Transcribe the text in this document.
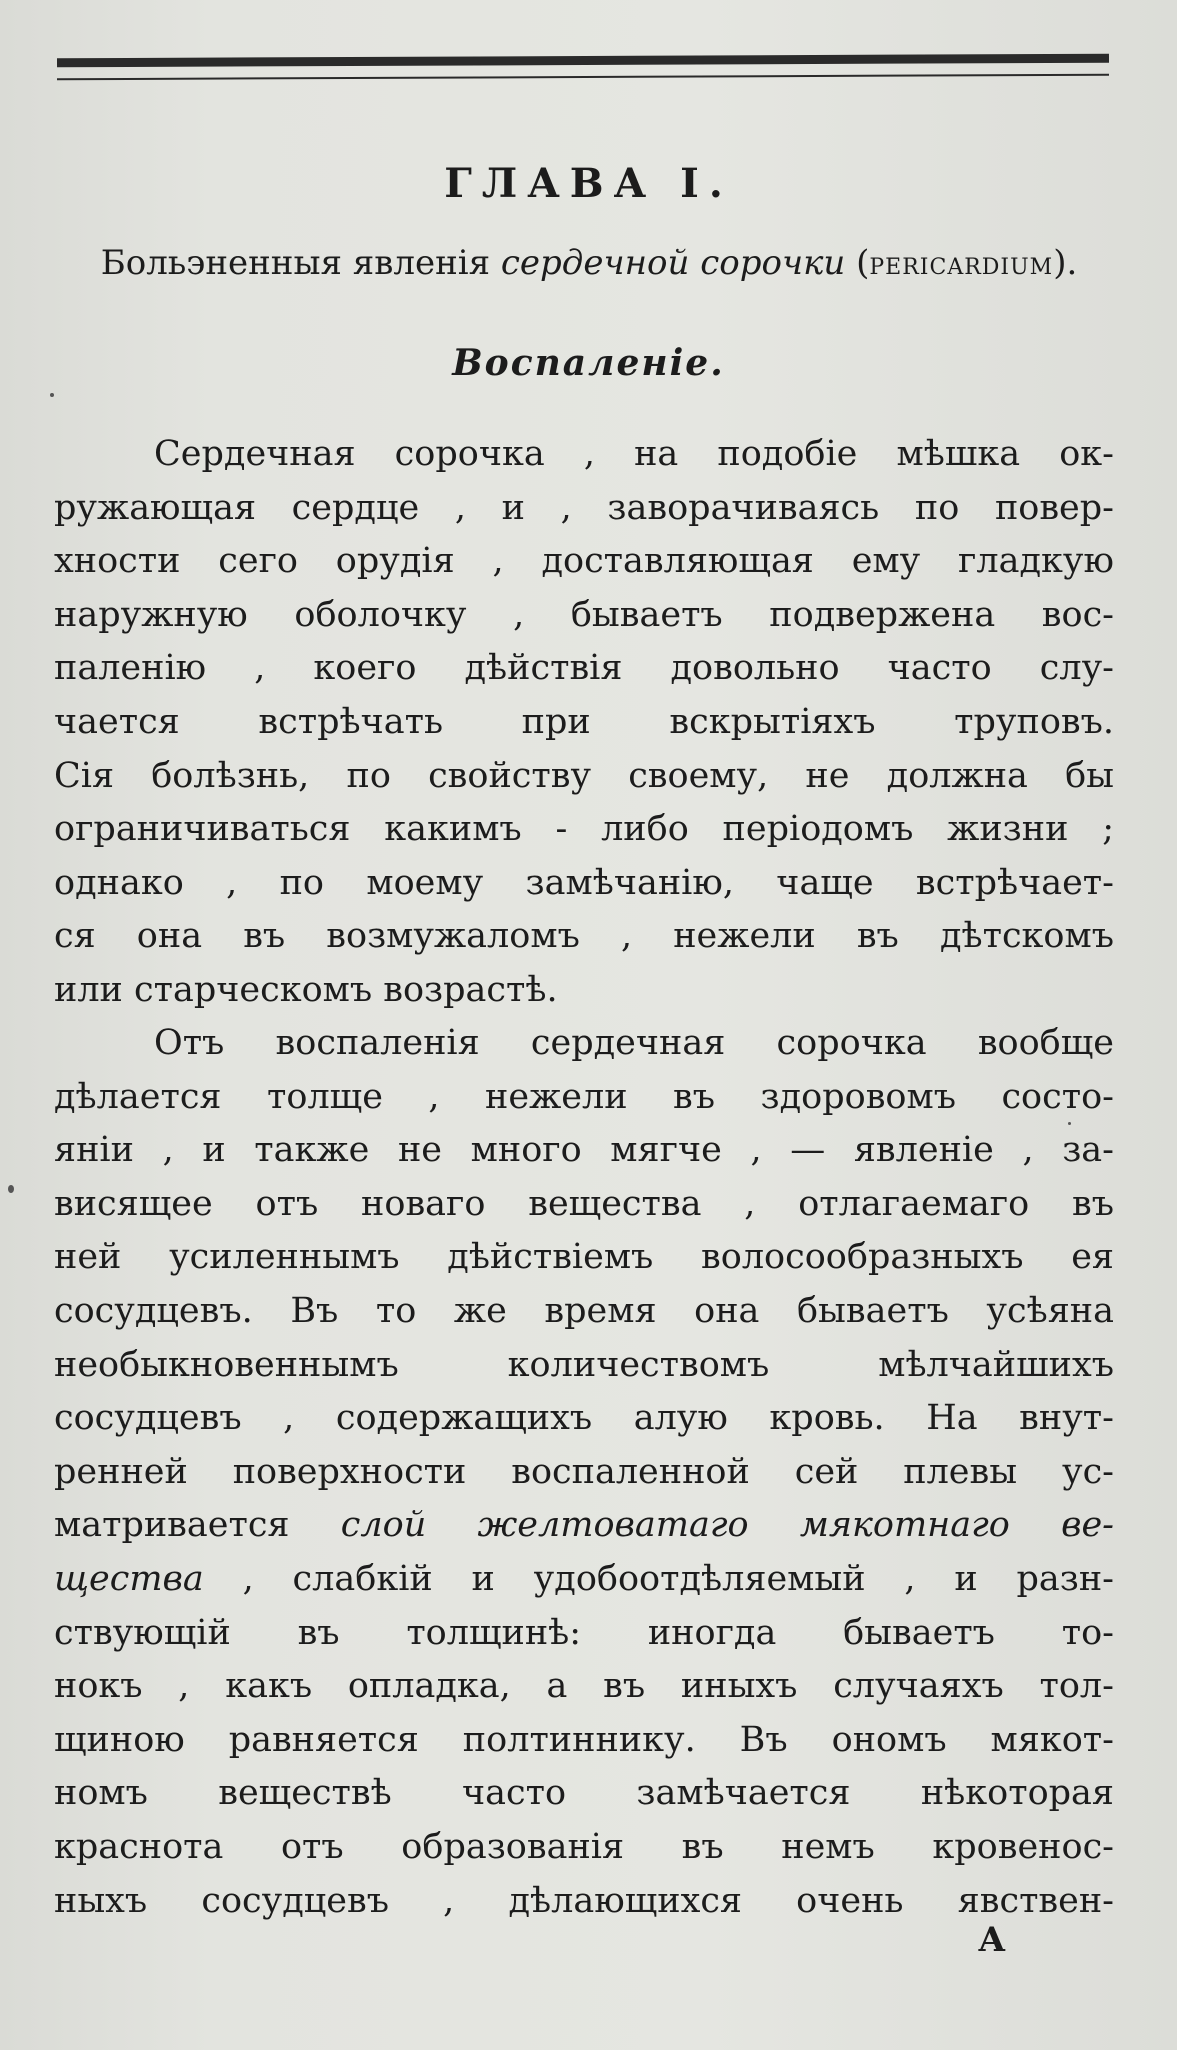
ГЛАВА I.
Больэненныя явленія сердечной сорочки (PERICARDIUM).
Воспаленіе.
Сердечная сорочка , на подобіе мѣшка ок-
ружающая сердце , и , заворачиваясь по повер-
хности сего орудія , доставляющая ему гладкую
наружную оболочку , бываетъ подвержена вос-
паленію , коего дѣйствія довольно часто слу-
чается встрѣчать при вскрытіяхъ труповъ.
Сія болѣзнь, по свойству своему, не должна бы
ограничиваться какимъ - либо періодомъ жизни ;
однако , по моему замѣчанію, чаще встрѣчает-
ся она въ возмужаломъ , нежели въ дѣтскомъ
или старческомъ возрастѣ.
Отъ воспаленія сердечная сорочка вообще
дѣлается толще , нежели въ здоровомъ состо-
яніи , и также не много мягче , — явленіе , за-
висящее отъ новаго вещества , отлагаемаго въ
ней усиленнымъ дѣйствіемъ волосообразныхъ ея
сосудцевъ. Въ то же время она бываетъ усѣяна
необыкновеннымъ количествомъ мѣлчайшихъ
сосудцевъ , содержащихъ алую кровь. На внут-
ренней поверхности воспаленной сей плевы ус-
матривается слой желтоватаго мякотнаго ве-
щества , слабкій и удобоотдѣляемый , и разн-
ствующій въ толщинѣ: иногда бываетъ то-
нокъ , какъ опладка, а въ иныхъ случаяхъ тол-
щиною равняется полтиннику. Въ ономъ мякот-
номъ веществѣ часто замѣчается нѣкоторая
краснота отъ образованія въ немъ кровенос-
ныхъ сосудцевъ , дѣлающихся очень явствен-
А
